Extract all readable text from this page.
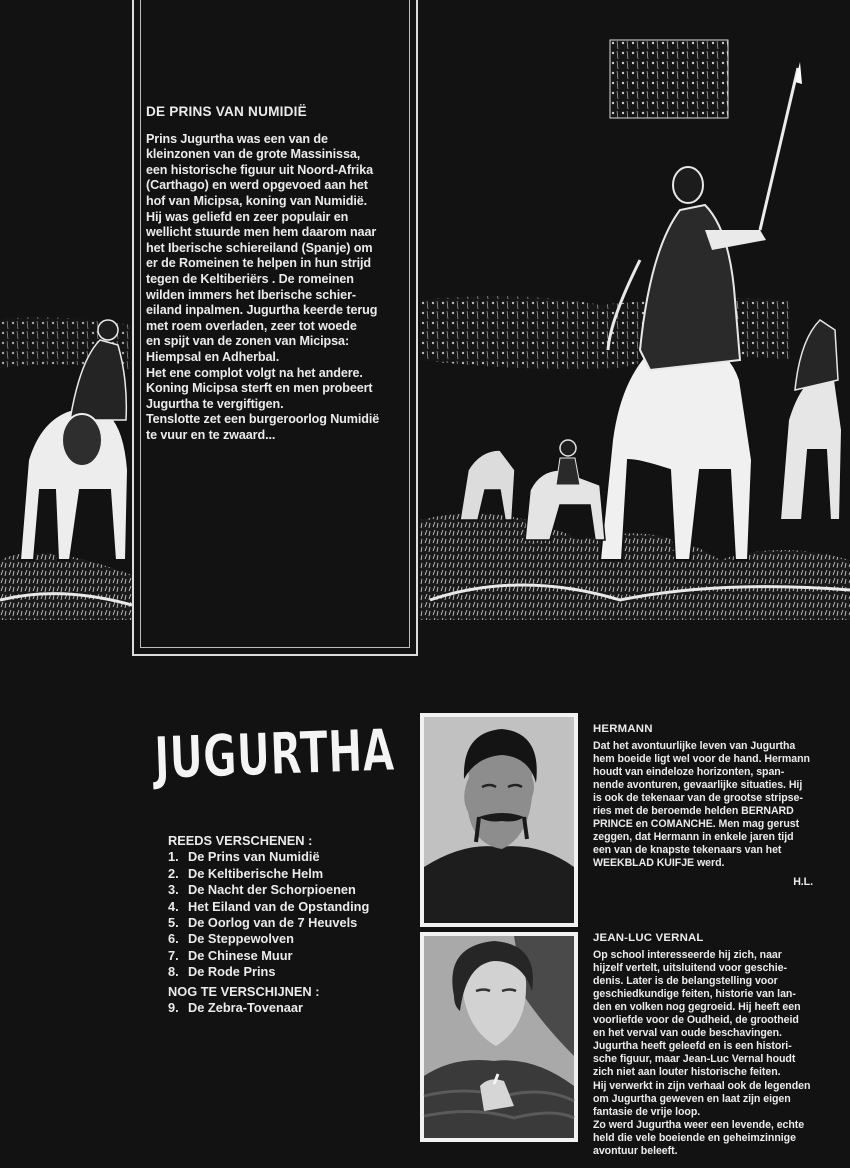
DE PRINS VAN NUMIDIË

Prins Jugurtha was een van de

kleinzonen van de grote Massinissa,

een historische figuur uit Noord-Afrika

(Carthago) en werd opgevoed aan het

hof van Micipsa, koning van Numidië.

Hij was geliefd en zeer populair en

wellicht stuurde men hem daarom naar

het Iberische schiereiland (Spanje) om

er de Romeinen te helpen in hun strijd

tegen de Keltiberiërs . De romeinen

wilden immers het Iberische schier-

eiland inpalmen. Jugurtha keerde terug

met roem overladen, zeer tot woede

en spijt van de zonen van Micipsa:

Hiempsal en Adherbal.

Het ene complot volgt na het andere.

Koning Micipsa sterft en men probeert

Jugurtha te vergiftigen.

Tenslotte zet een burgeroorlog Numidië

te vuur en te zwaard...

JUGURTHA

REEDS VERSCHENEN :

1. De Prins van Numidië
2. De Keltiberische Helm
3. De Nacht der Schorpioenen
4. Het Eiland van de Opstanding
5. De Oorlog van de 7 Heuvels
6. De Steppewolven
7. De Chinese Muur
8. De Rode Prins

NOG TE VERSCHIJNEN :

9. De Zebra-Tovenaar
HERMANN

Dat het avontuurlijke leven van Jugurtha

hem boeide ligt wel voor de hand. Hermann

houdt van eindeloze horizonten, span-

nende avonturen, gevaarlijke situaties. Hij

is ook de tekenaar van de grootse stripse-

ries met de beroemde helden BERNARD

PRINCE en COMANCHE. Men mag gerust

zeggen, dat Hermann in enkele jaren tijd

een van de knapste tekenaars van het

WEEKBLAD KUIFJE werd.

H.L.

JEAN-LUC VERNAL

Op school interesseerde hij zich, naar

hijzelf vertelt, uitsluitend voor geschie-

denis. Later is de belangstelling voor

geschiedkundige feiten, historie van lan-

den en volken nog gegroeid. Hij heeft een

voorliefde voor de Oudheid, de grootheid

en het verval van oude beschavingen.

Jugurtha heeft geleefd en is een histori-

sche figuur, maar Jean-Luc Vernal houdt

zich niet aan louter historische feiten.

Hij verwerkt in zijn verhaal ook de legenden

om Jugurtha geweven en laat zijn eigen

fantasie de vrije loop.

Zo werd Jugurtha weer een levende, echte

held die vele boeiende en geheimzinnige

avontuur beleeft.
